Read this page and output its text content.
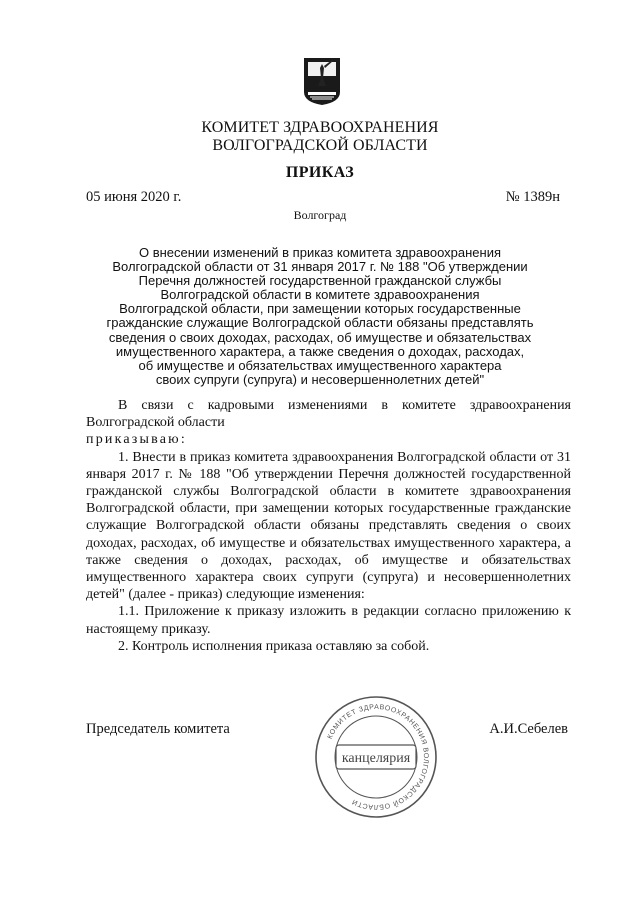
КОМИТЕТ ЗДРАВООХРАНЕНИЯ
ВОЛГОГРАДСКОЙ ОБЛАСТИ
ПРИКАЗ
05 июня 2020 г.	№ 1389н
Волгоград
О внесении изменений в приказ комитета здравоохранения
Волгоградской области от 31 января 2017 г. № 188 "Об утверждении
Перечня должностей государственной гражданской службы
Волгоградской области в комитете здравоохранения
Волгоградской области, при замещении которых государственные
гражданские служащие Волгоградской области обязаны представлять
сведения о своих доходах, расходах, об имуществе и обязательствах
имущественного характера, а также сведения о доходах, расходах,
об имуществе и обязательствах имущественного характера
своих супруги (супруга) и несовершеннолетних детей"

В связи с кадровыми изменениями в комитете здравоохранения Волгоградской области

приказываю:

1. Внести в приказ комитета здравоохранения Волгоградской области от 31 января 2017 г. № 188 "Об утверждении Перечня должностей государственной гражданской службы Волгоградской области в комитете здравоохранения Волгоградской области, при замещении которых государственные гражданские служащие Волгоградской области обязаны представлять сведения о своих доходах, расходах, об имуществе и обязательствах имущественного характера, а также сведения о доходах, расходах, об имуществе и обязательствах имущественного характера своих супруги (супруга) и несовершеннолетних детей" (далее - приказ) следующие изменения:

1.1. Приложение к приказу изложить в редакции согласно приложению к настоящему приказу.

2. Контроль исполнения приказа оставляю за собой.

Председатель комитета	А.И.Себелев
КОМИТЕТ ЗДРАВООХРАНЕНИЯ ВОЛГОГРАДСКОЙ ОБЛАСТИ
канцелярия
